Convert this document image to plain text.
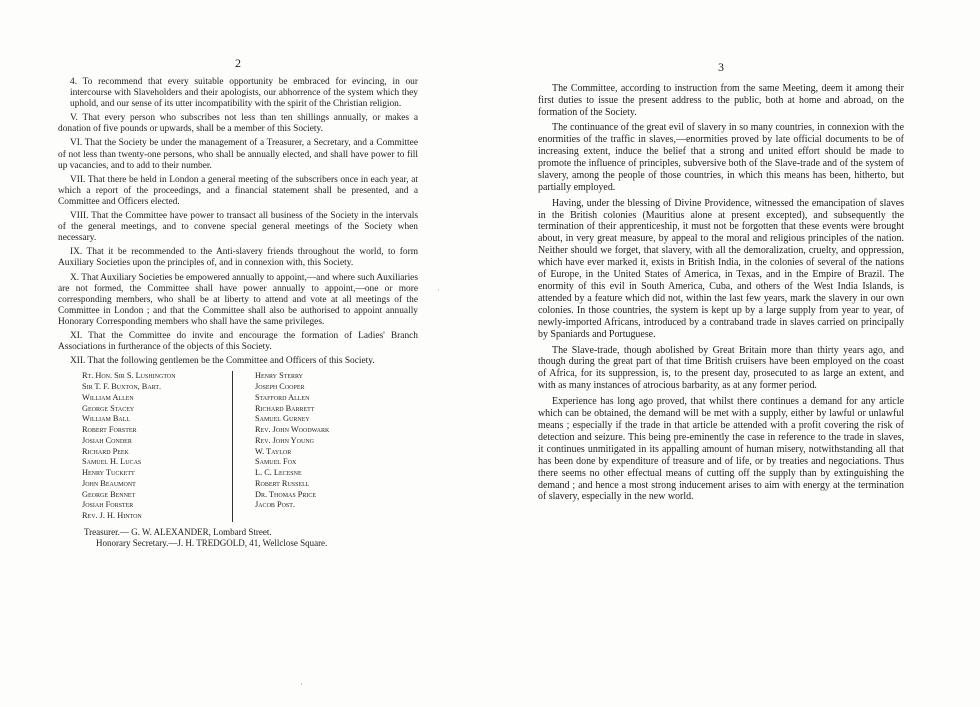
2

4. To recommend that every suitable opportunity be embraced for evincing, in our intercourse with Slaveholders and their apologists, our abhorrence of the system which they uphold, and our sense of its utter incompatibility with the spirit of the Christian religion.

V. That every person who subscribes not less than ten shillings annually, or makes a donation of five pounds or upwards, shall be a member of this Society.

VI. That the Society be under the management of a Treasurer, a Secretary, and a Committee of not less than twenty-one persons, who shall be annually elected, and shall have power to fill up vacancies, and to add to their number.

VII. That there be held in London a general meeting of the subscribers once in each year, at which a report of the proceedings, and a financial statement shall be presented, and a Committee and Officers elected.

VIII. That the Committee have power to transact all business of the Society in the intervals of the general meetings, and to convene special general meetings of the Society when necessary.

IX. That it be recommended to the Anti-slavery friends throughout the world, to form Auxiliary Societies upon the principles of, and in connexion with, this Society.

X. That Auxiliary Societies be empowered annually to appoint,—and where such Auxiliaries are not formed, the Committee shall have power annually to appoint,—one or more corresponding members, who shall be at liberty to attend and vote at all meetings of the Committee in London ; and that the Committee shall also be authorised to appoint annually Honorary Corresponding members who shall have the same privileges.

XI. That the Committee do invite and encourage the formation of Ladies' Branch Associations in furtherance of the objects of this Society.

XII. That the following gentlemen be the Committee and Officers of this Society.

Rt. Hon. Sir S. Lushington
Sir T. F. Buxton, Bart.
William Allen
George Stacey
William Ball
Robert Forster
Josiah Conder
Richard Peek
Samuel H. Lucas
Henry Tuckett
John Beaumont
George Bennet
Josiah Forster
Rev. J. H. Hinton
Henry Sterry
Joseph Cooper
Stafford Allen
Richard Barrett
Samuel Gurney
Rev. John Woodwark
Rev. John Young
W. Taylor
Samuel Fox
L. C. Lecesne
Robert Russell
Dr. Thomas Price
Jacob Post.
Treasurer.— G. W. ALEXANDER, Lombard Street.
Honorary Secretary.—J. H. TREDGOLD, 41, Wellclose Square.
3

The Committee, according to instruction from the same Meeting, deem it among their first duties to issue the present address to the public, both at home and abroad, on the formation of the Society.

The continuance of the great evil of slavery in so many countries, in connexion with the enormities of the traffic in slaves,—enormities proved by late official documents to be of increasing extent, induce the belief that a strong and united effort should be made to promote the influence of principles, subversive both of the Slave-trade and of the system of slavery, among the people of those countries, in which this means has been, hitherto, but partially employed.

Having, under the blessing of Divine Providence, witnessed the emancipation of slaves in the British colonies (Mauritius alone at present excepted), and subsequently the termination of their apprenticeship, it must not be forgotten that these events were brought about, in very great measure, by appeal to the moral and religious principles of the nation. Neither should we forget, that slavery, with all the demoralization, cruelty, and oppression, which have ever marked it, exists in British India, in the colonies of several of the nations of Europe, in the United States of America, in Texas, and in the Empire of Brazil. The enormity of this evil in South America, Cuba, and others of the West India Islands, is attended by a feature which did not, within the last few years, mark the slavery in our own colonies. In those countries, the system is kept up by a large supply from year to year, of newly-imported Africans, introduced by a contraband trade in slaves carried on principally by Spaniards and Portuguese.

The Slave-trade, though abolished by Great Britain more than thirty years ago, and though during the great part of that time British cruisers have been employed on the coast of Africa, for its suppression, is, to the present day, prosecuted to as large an extent, and with as many instances of atrocious barbarity, as at any former period.

Experience has long ago proved, that whilst there continues a demand for any article which can be obtained, the demand will be met with a supply, either by lawful or unlawful means ; especially if the trade in that article be attended with a profit covering the risk of detection and seizure. This being pre-eminently the case in reference to the trade in slaves, it continues unmitigated in its appalling amount of human misery, notwithstanding all that has been done by expenditure of treasure and of life, or by treaties and negociations. Thus there seems no other effectual means of cutting off the supply than by extinguishing the demand ; and hence a most strong inducement arises to aim with energy at the termination of slavery, especially in the new world.

·
·
